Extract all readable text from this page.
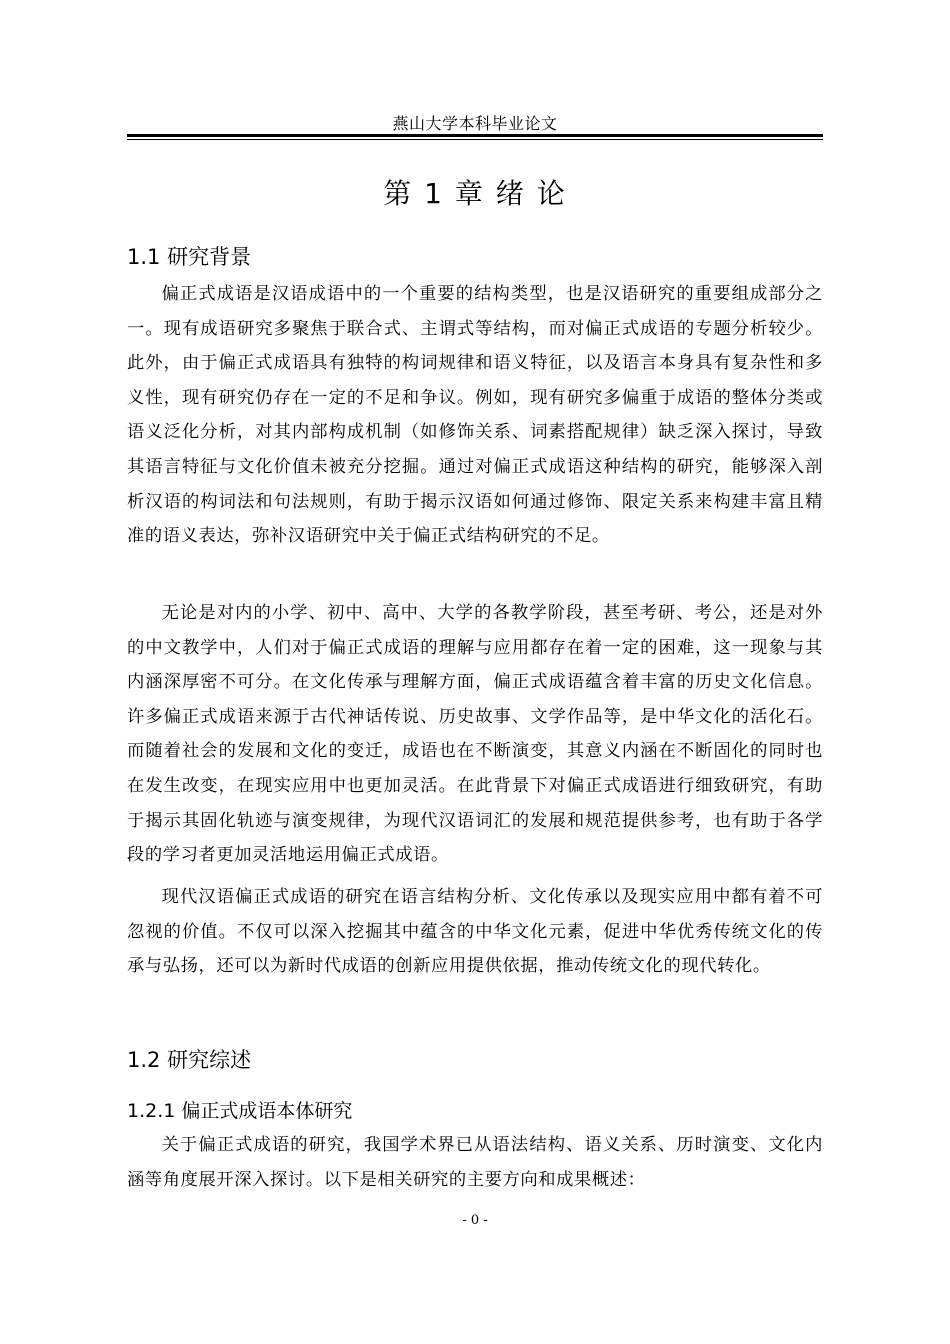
燕山大学本科毕业论文
第 1 章 绪 论
1.1 研究背景

偏正式成语是汉语成语中的一个重要的结构类型，也是汉语研究的重要组成部分之一。现有成语研究多聚焦于联合式、主谓式等结构，而对偏正式成语的专题分析较少。此外，由于偏正式成语具有独特的构词规律和语义特征，以及语言本身具有复杂性和多义性，现有研究仍存在一定的不足和争议。例如，现有研究多偏重于成语的整体分类或语义泛化分析，对其内部构成机制（如修饰关系、词素搭配规律）缺乏深入探讨，导致其语言特征与文化价值未被充分挖掘。通过对偏正式成语这种结构的研究，能够深入剖析汉语的构词法和句法规则，有助于揭示汉语如何通过修饰、限定关系来构建丰富且精准的语义表达，弥补汉语研究中关于偏正式结构研究的不足。

无论是对内的小学、初中、高中、大学的各教学阶段，甚至考研、考公，还是对外的中文教学中，人们对于偏正式成语的理解与应用都存在着一定的困难，这一现象与其内涵深厚密不可分。在文化传承与理解方面，偏正式成语蕴含着丰富的历史文化信息。许多偏正式成语来源于古代神话传说、历史故事、文学作品等，是中华文化的活化石。而随着社会的发展和文化的变迁，成语也在不断演变，其意义内涵在不断固化的同时也在发生改变，在现实应用中也更加灵活。在此背景下对偏正式成语进行细致研究，有助于揭示其固化轨迹与演变规律，为现代汉语词汇的发展和规范提供参考，也有助于各学段的学习者更加灵活地运用偏正式成语。

现代汉语偏正式成语的研究在语言结构分析、文化传承以及现实应用中都有着不可忽视的价值。不仅可以深入挖掘其中蕴含的中华文化元素，促进中华优秀传统文化的传承与弘扬，还可以为新时代成语的创新应用提供依据，推动传统文化的现代转化。

1.2 研究综述
1.2.1 偏正式成语本体研究

关于偏正式成语的研究，我国学术界已从语法结构、语义关系、历时演变、文化内涵等角度展开深入探讨。以下是相关研究的主要方向和成果概述：

- 0 -
